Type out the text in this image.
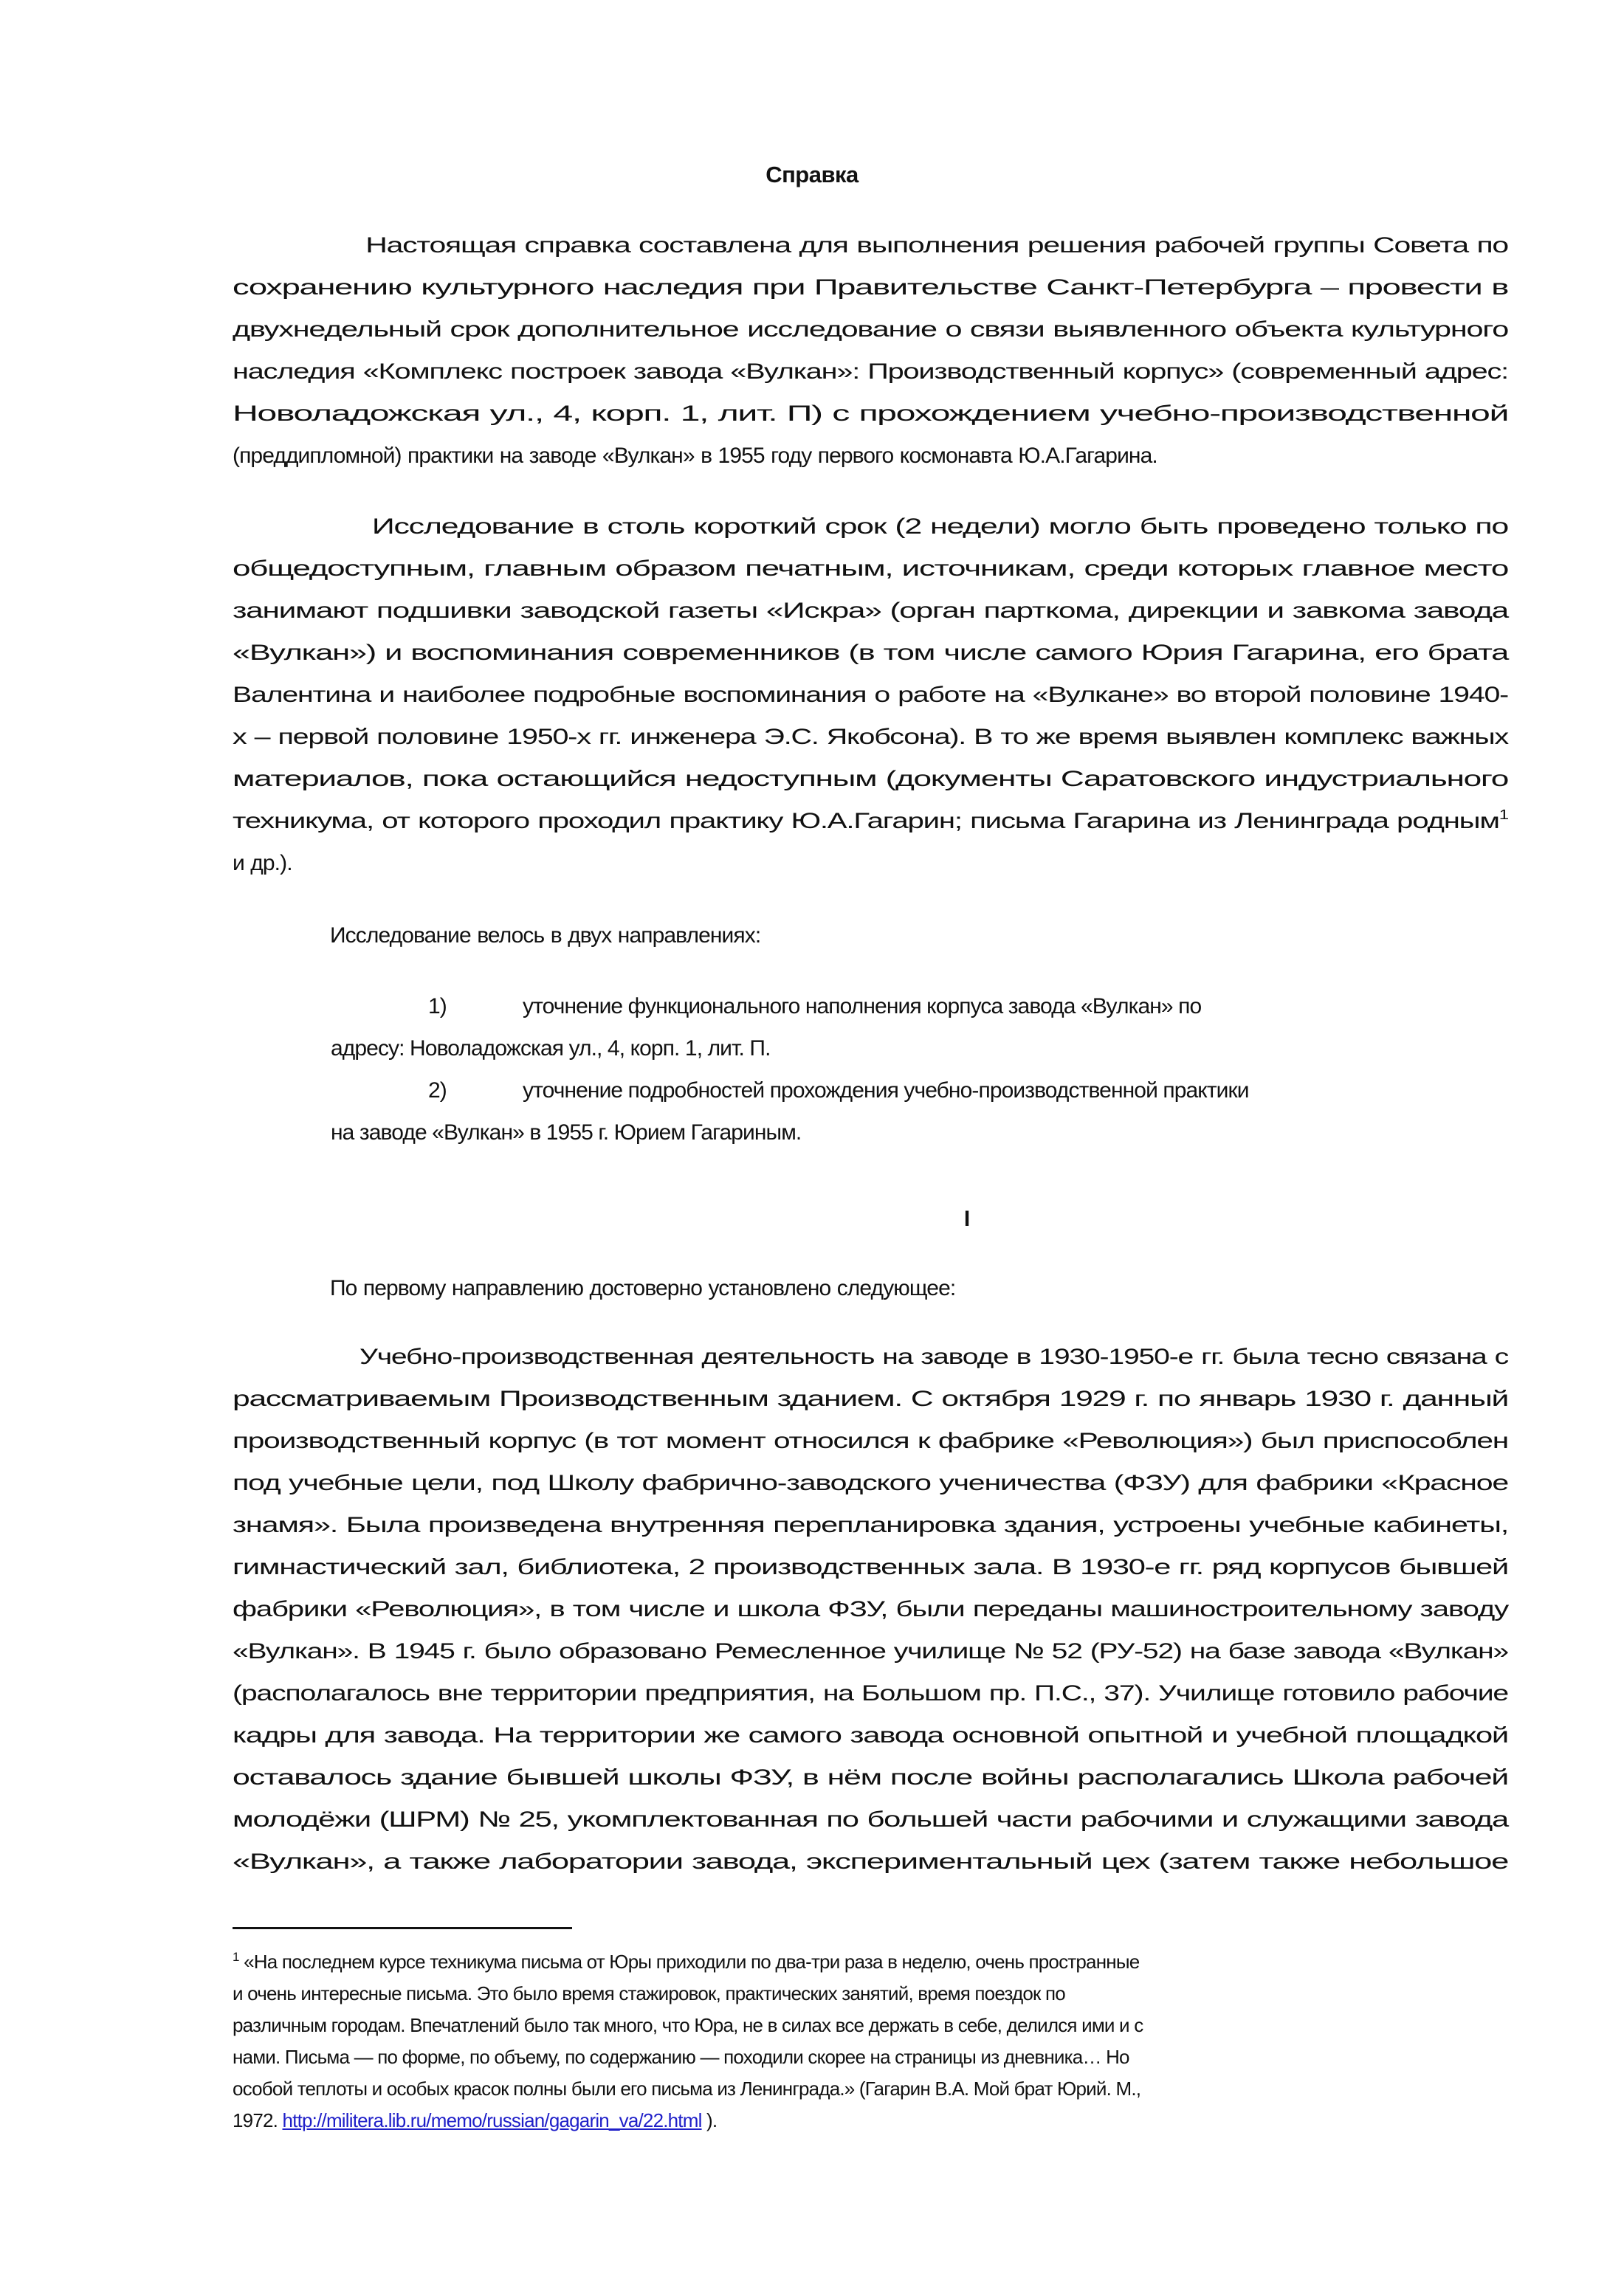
Справка
Настоящая справка составлена для выполнения решения рабочей группы Совета по
сохранению культурного наследия при Правительстве Санкт-Петербурга – провести в
двухнедельный срок дополнительное исследование о связи выявленного объекта культурного
наследия «Комплекс построек завода «Вулкан»: Производственный корпус» (современный адрес:
Новоладожская ул., 4, корп. 1, лит. П) с прохождением учебно-производственной
(преддипломной) практики на заводе «Вулкан» в 1955 году первого космонавта Ю.А.Гагарина.
Исследование в столь короткий срок (2 недели) могло быть проведено только по
общедоступным, главным образом печатным, источникам, среди которых главное место
занимают подшивки заводской газеты «Искра» (орган парткома, дирекции и завкома завода
«Вулкан») и воспоминания современников (в том числе самого Юрия Гагарина, его брата
Валентина и наиболее подробные воспоминания о работе на «Вулкане» во второй половине 1940-
х – первой половине 1950-х гг. инженера Э.С. Якобсона). В то же время выявлен комплекс важных
материалов, пока остающийся недоступным (документы Саратовского индустриального
техникума, от которого проходил практику Ю.А.Гагарин; письма Гагарина из Ленинграда родным$^1$
и др.).
Исследование велось в двух направлениях:
1)	уточнение функционального наполнения корпуса завода «Вулкан» по
адресу: Новоладожская ул., 4, корп. 1, лит. П.
2)	уточнение подробностей прохождения учебно-производственной практики
на заводе «Вулкан» в 1955 г. Юрием Гагариным.
I
По первому направлению достоверно установлено следующее:
Учебно-производственная деятельность на заводе в 1930-1950-е гг. была тесно связана с
рассматриваемым Производственным зданием. С октября 1929 г. по январь 1930 г. данный
производственный корпус (в тот момент относился к фабрике «Революция») был приспособлен
под учебные цели, под Школу фабрично-заводского ученичества (ФЗУ) для фабрики «Красное
знамя». Была произведена внутренняя перепланировка здания, устроены учебные кабинеты,
гимнастический зал, библиотека, 2 производственных зала. В 1930-е гг. ряд корпусов бывшей
фабрики «Революция», в том числе и школа ФЗУ, были переданы машиностроительному заводу
«Вулкан». В 1945 г. было образовано Ремесленное училище № 52 (РУ-52) на базе завода «Вулкан»
(располагалось вне территории предприятия, на Большом пр. П.С., 37). Училище готовило рабочие
кадры для завода. На территории же самого завода основной опытной и учебной площадкой
оставалось здание бывшей школы ФЗУ, в нём после войны располагались Школа рабочей
молодёжи (ШРМ) № 25, укомплектованная по большей части рабочими и служащими завода
«Вулкан», а также лаборатории завода, экспериментальный цех (затем также небольшое
$^1$ «На последнем курсе техникума письма от Юры приходили по два-три раза в неделю, очень пространные
и очень интересные письма. Это было время стажировок, практических занятий, время поездок по
различным городам. Впечатлений было так много, что Юра, не в силах все держать в себе, делился ими и с
нами. Письма — по форме, по объему, по содержанию — походили скорее на страницы из дневника… Но
особой теплоты и особых красок полны были его письма из Ленинграда.» (Гагарин В.А. Мой брат Юрий. М.,
1972. http://militera.lib.ru/memo/russian/gagarin_va/22.html ).
